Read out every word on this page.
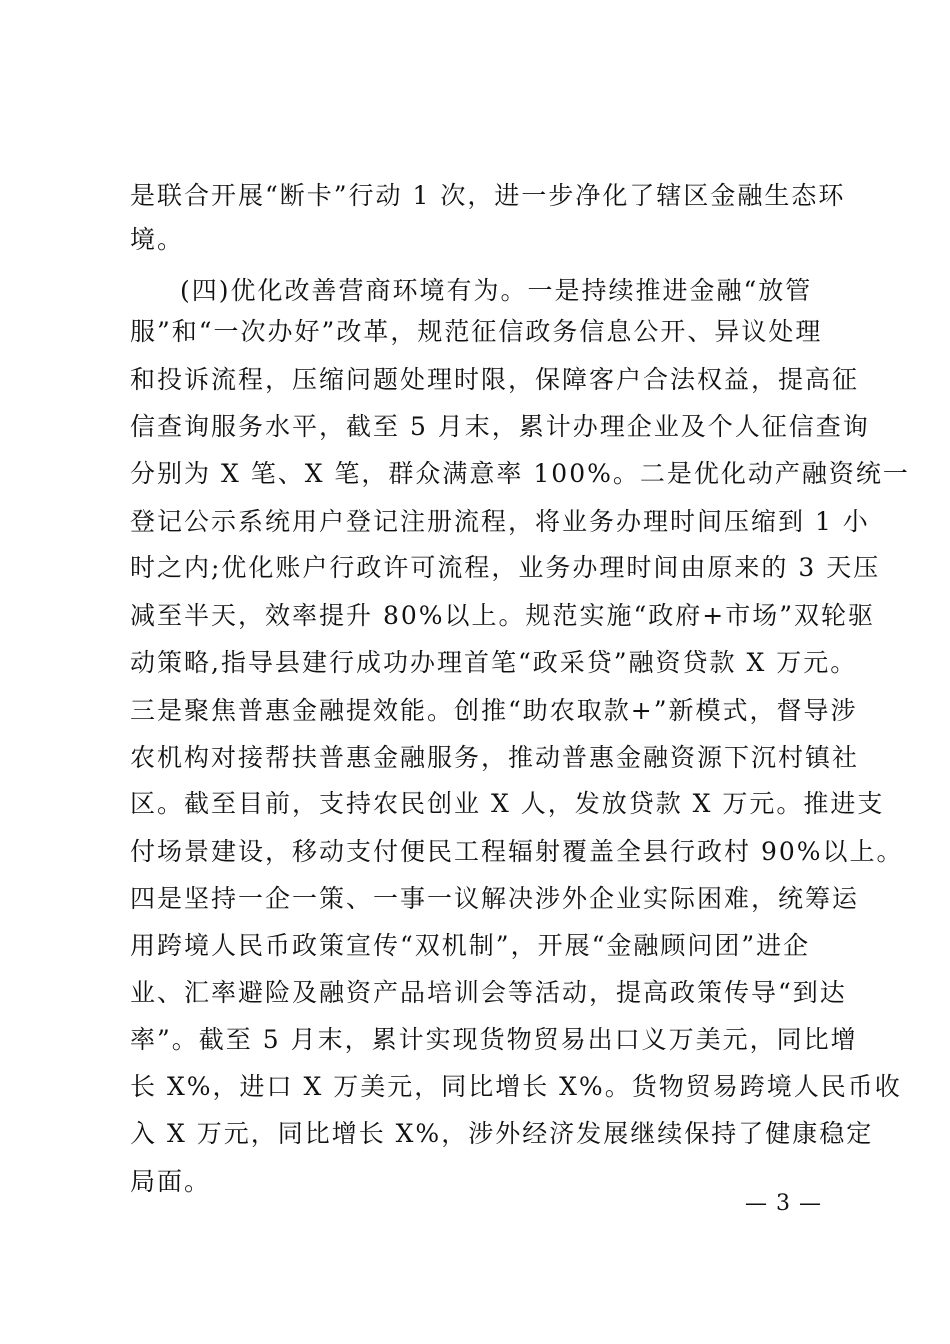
是联合开展“断卡”行动 1 次，进一步净化了辖区金融生态环
境。
(四)优化改善营商环境有为。一是持续推进金融“放管
服”和“一次办好”改革，规范征信政务信息公开、异议处理
和投诉流程，压缩问题处理时限，保障客户合法权益，提高征
信查询服务水平，截至 5 月末，累计办理企业及个人征信查询
分别为 X 笔、X 笔，群众满意率 100%。二是优化动产融资统一
登记公示系统用户登记注册流程，将业务办理时间压缩到 1 小
时之内;优化账户行政许可流程，业务办理时间由原来的 3 天压
减至半天，效率提升 80%以上。规范实施“政府+市场”双轮驱
动策略,指导县建行成功办理首笔“政采贷”融资贷款 X 万元。
三是聚焦普惠金融提效能。创推“助农取款+”新模式，督导涉
农机构对接帮扶普惠金融服务，推动普惠金融资源下沉村镇社
区。截至目前，支持农民创业 X 人，发放贷款 X 万元。推进支
付场景建设，移动支付便民工程辐射覆盖全县行政村 90%以上。
四是坚持一企一策、一事一议解决涉外企业实际困难，统筹运
用跨境人民币政策宣传“双机制”，开展“金融顾问团”进企
业、汇率避险及融资产品培训会等活动，提高政策传导“到达
率”。截至 5 月末，累计实现货物贸易出口义万美元，同比增
长 X%，进口 X 万美元，同比增长 X%。货物贸易跨境人民币收
入 X 万元，同比增长 X%，涉外经济发展继续保持了健康稳定
局面。
— 3 —
